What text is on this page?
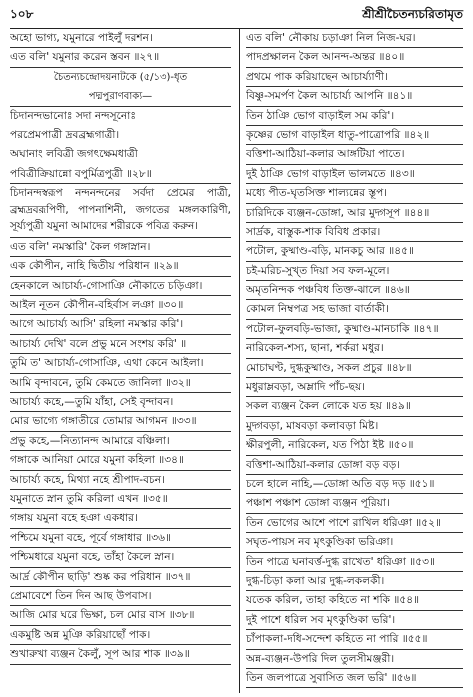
১০৮	শ্রীশ্রীচৈতন্যচরিতামৃত
অহো ভাগ্য, যমুনারে পাইলুঁ দরশন।
এত বলি' যমুনার করেন স্তবন ॥২৭॥
চৈতন্যচন্দ্রোদয়নাটকে (৫/১৩)-ধৃত
পদ্মপুরাণবাক্য—
চিদানন্দভানোঃ সদা নন্দসূনোঃ
পরপ্রেমপাত্রী দ্রবব্রহ্মগাত্রী।
অঘানাং লবিত্রী জগৎক্ষেমধাত্রী
পবিত্রীক্রিয়ান্নো বপুর্মিত্রপুত্রী ॥২৮॥
চিদানন্দস্বরূপ নন্দনন্দনের সর্বদা প্রেমের পাত্রী, ব্রহ্মদ্রবরূপিণী, পাপনাশিনী, জগতের মঙ্গলকারিণী, সূর্য্যপুত্রী যমুনা আমাদের শরীরকে পবিত্র করুন।
এত বলি' নমস্কারি' কৈল গঙ্গাস্নান।
এক কৌপীন, নাহি দ্বিতীয় পরিধান ॥২৯॥
হেনকালে আচার্য্য-গোসাঞি নৌকাতে চড়িঞা।
আইল নূতন কৌপীন-বহির্বাস লঞা ॥৩০॥
আগে আচার্য্য আসি' রহিলা নমস্কার করি'।
আচার্য্য দেখি' বলে প্রভু মনে সংশয় করি' ॥
তুমি ত' আচার্য্য-গোসাঞি, এথা কেনে আইলা।
আমি বৃন্দাবনে, তুমি কেমতে জানিলা ॥৩২॥
আচার্য্য কহে,—তুমি যাঁহা, সেই বৃন্দাবন।
মোর ভাগ্যে গঙ্গাতীরে তোমার আগমন ॥৩৩॥
প্রভু কহে,—নিত্যানন্দ আমারে বঞ্চিলা।
গঙ্গাকে আনিয়া মোরে যমুনা কহিলা ॥৩৪॥
আচার্য্য কহে, মিথ্যা নহে শ্রীপাদ-বচন।
যমুনাতে স্নান তুমি করিলা এখন ॥৩৫॥
গঙ্গায় যমুনা বহে হঞা একধার।
পশ্চিমে যমুনা বহে, পূর্বে গঙ্গাধার ॥৩৬॥
পশ্চিমধারে যমুনা বহে, তাঁহা কৈলে স্নান।
আর্দ্র কৌপীন ছাড়ি' শুষ্ক কর পরিধান ॥৩৭॥
প্রেমাবেশে তিন দিন আছ উপবাস।
আজি মোর ঘরে ভিক্ষা, চল মোর বাস ॥৩৮॥
একমুষ্টি অন্ন মুঞি করিয়াছোঁ পাক।
শুখারুখা ব্যঞ্জন কৈলুঁ, সূপ আর শাক ॥৩৯॥
এত বলি' নৌকায় চড়াঞা নিল নিজ-ঘর।
পাদপ্রক্ষালন কৈল আনন্দ-অন্তর ॥৪০॥
প্রথমে পাক করিয়াছেন আচার্য্যাণী।
বিষ্ণু-সমর্পণ কৈল আচার্য্য আপনি ॥৪১॥
তিন ঠাঞি ভোগ বাড়াইল সম করি'।
কৃষ্ণের ভোগ বাড়াইল ধাতু-পাত্রোপরি ॥৪২॥
বত্তিশা-আঠিয়া-কলার আঙ্গটিয়া পাতে।
দুই ঠাঞি ভোগ বাড়াইল ভালমতে ॥৪৩॥
মধ্যে পীত-ঘৃতসিক্ত শাল্যন্নের স্তূপ।
চারিদিকে ব্যঞ্জন-ডোঙ্গা, আর মুদ্গসূপ ॥৪৪॥
সার্দ্রক, বাস্তুক-শাক বিবিধ প্রকার।
পটোল, কুষ্মাণ্ড-বড়ি, মানকচু আর ॥৪৫॥
চই-মরিচ-সুখ্ত দিয়া সব ফল-মূলে।
অমৃতনিন্দক পঞ্চবিধ তিক্ত-ঝালে ॥৪৬॥
কোমল নিম্বপত্র সহ ভাজা বার্তাকী।
পটোল-ফুলবড়ি-ভাজা, কুষ্মাণ্ড-মানচাকি ॥৪৭॥
নারিকেল-শস্য, ছানা, শর্করা মধুর।
মোচাঘণ্ট, দুগ্ধকুষ্মাণ্ড, সকল প্রচুর ॥৪৮॥
মধুরাম্লবড়া, অম্লাদি পাঁচ-ছয়।
সকল ব্যঞ্জন কৈল লোকে যত হয় ॥৪৯॥
মুদ্গবড়া, মাষবড়া কলাবড়া মিষ্ট।
ক্ষীরপুলী, নারিকেল, যত পিঠা ইষ্ট ॥৫০॥
বত্তিশা-আঠিয়া-কলার ডোঙ্গা বড় বড়।
চলে হালে নাহি,—ডোঙ্গা অতি বড় দড় ॥৫১॥
পঞ্চাশ পঞ্চাশ ডোঙ্গা ব্যঞ্জন পূরিয়া।
তিন ভোগের আশে পাশে রাখিল ধরিঞা ॥৫২॥
সঘৃত-পায়স নব মৃৎকুণ্ডিকা ভরিঞা।
তিন পাত্রে ঘনাবর্ত্ত-দুগ্ধ রাখেত' ধরিঞা ॥৫৩॥
দুগ্ধ-চিড়া কলা আর দুগ্ধ-লকলকী।
যতেক করিল, তাহা কহিতে না শকি ॥৫৪॥
দুই পাশে ধরিল সব মৃৎকুণ্ডিকা ভরি'।
চাঁপাকলা-দধি-সন্দেশ কহিতে না পারি ॥৫৫॥
অন্ন-ব্যঞ্জন-উপরি দিল তুলসীমঞ্জরী।
তিন জলপাত্রে সুবাসিত জল ভরি' ॥৫৬॥
